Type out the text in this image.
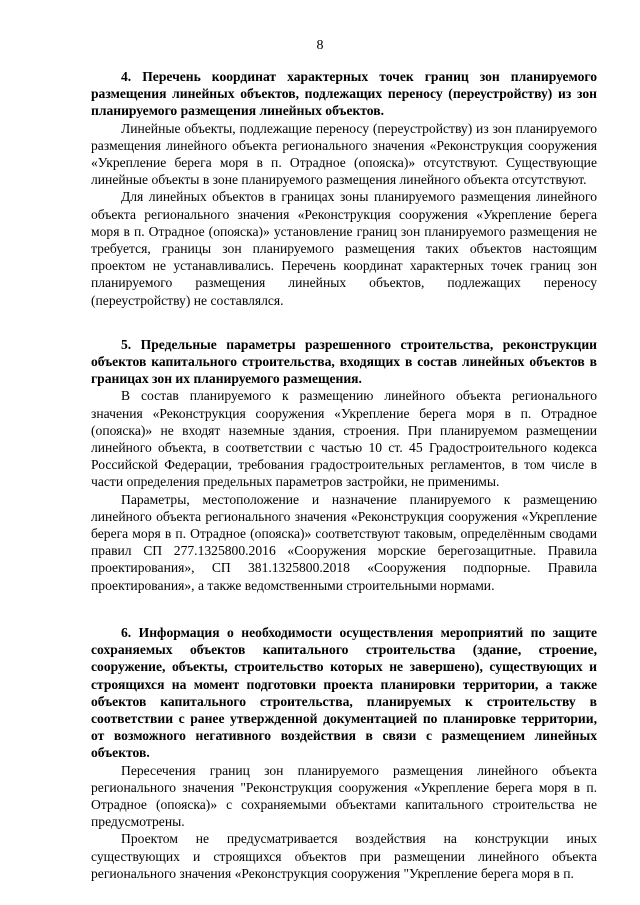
8

4. Перечень координат характерных точек границ зон планируемого размещения линейных объектов, подлежащих переносу (переустройству) из зон планируемого размещения линейных объектов.

Линейные объекты, подлежащие переносу (переустройству) из зон планируемого размещения линейного объекта регионального значения «Реконструкция сооружения «Укрепление берега моря в п. Отрадное (опояска)» отсутствуют. Существующие линейные объекты в зоне планируемого размещения линейного объекта отсутствуют.

Для линейных объектов в границах зоны планируемого размещения линейного объекта регионального значения «Реконструкция сооружения «Укрепление берега моря в п. Отрадное (опояска)» установление границ зон планируемого размещения не требуется, границы зон планируемого размещения таких объектов настоящим проектом не устанавливались. Перечень координат характерных точек границ зон планируемого размещения линейных объектов, подлежащих переносу (переустройству) не составлялся.

5. Предельные параметры разрешенного строительства, реконструкции объектов капитального строительства, входящих в состав линейных объектов в границах зон их планируемого размещения.

В состав планируемого к размещению линейного объекта регионального значения «Реконструкция сооружения «Укрепление берега моря в п. Отрадное (опояска)» не входят наземные здания, строения. При планируемом размещении линейного объекта, в соответствии с частью 10 ст. 45 Градостроительного кодекса Российской Федерации, требования градостроительных регламентов, в том числе в части определения предельных параметров застройки, не применимы.

Параметры, местоположение и назначение планируемого к размещению линейного объекта регионального значения «Реконструкция сооружения «Укрепление берега моря в п. Отрадное (опояска)» соответствуют таковым, определённым сводами правил СП 277.1325800.2016 «Сооружения морские берегозащитные. Правила проектирования», СП 381.1325800.2018 «Сооружения подпорные. Правила проектирования», а также ведомственными строительными нормами.

6. Информация о необходимости осуществления мероприятий по защите сохраняемых объектов капитального строительства (здание, строение, сооружение, объекты, строительство которых не завершено), существующих и строящихся на момент подготовки проекта планировки территории, а также объектов капитального строительства, планируемых к строительству в соответствии с ранее утвержденной документацией по планировке территории, от возможного негативного воздействия в связи с размещением линейных объектов.

Пересечения границ зон планируемого размещения линейного объекта регионального значения "Реконструкция сооружения «Укрепление берега моря в п. Отрадное (опояска)» с сохраняемыми объектами капитального строительства не предусмотрены.

Проектом не предусматривается воздействия на конструкции иных существующих и строящихся объектов при размещении линейного объекта регионального значения «Реконструкция сооружения "Укрепление берега моря в п.
